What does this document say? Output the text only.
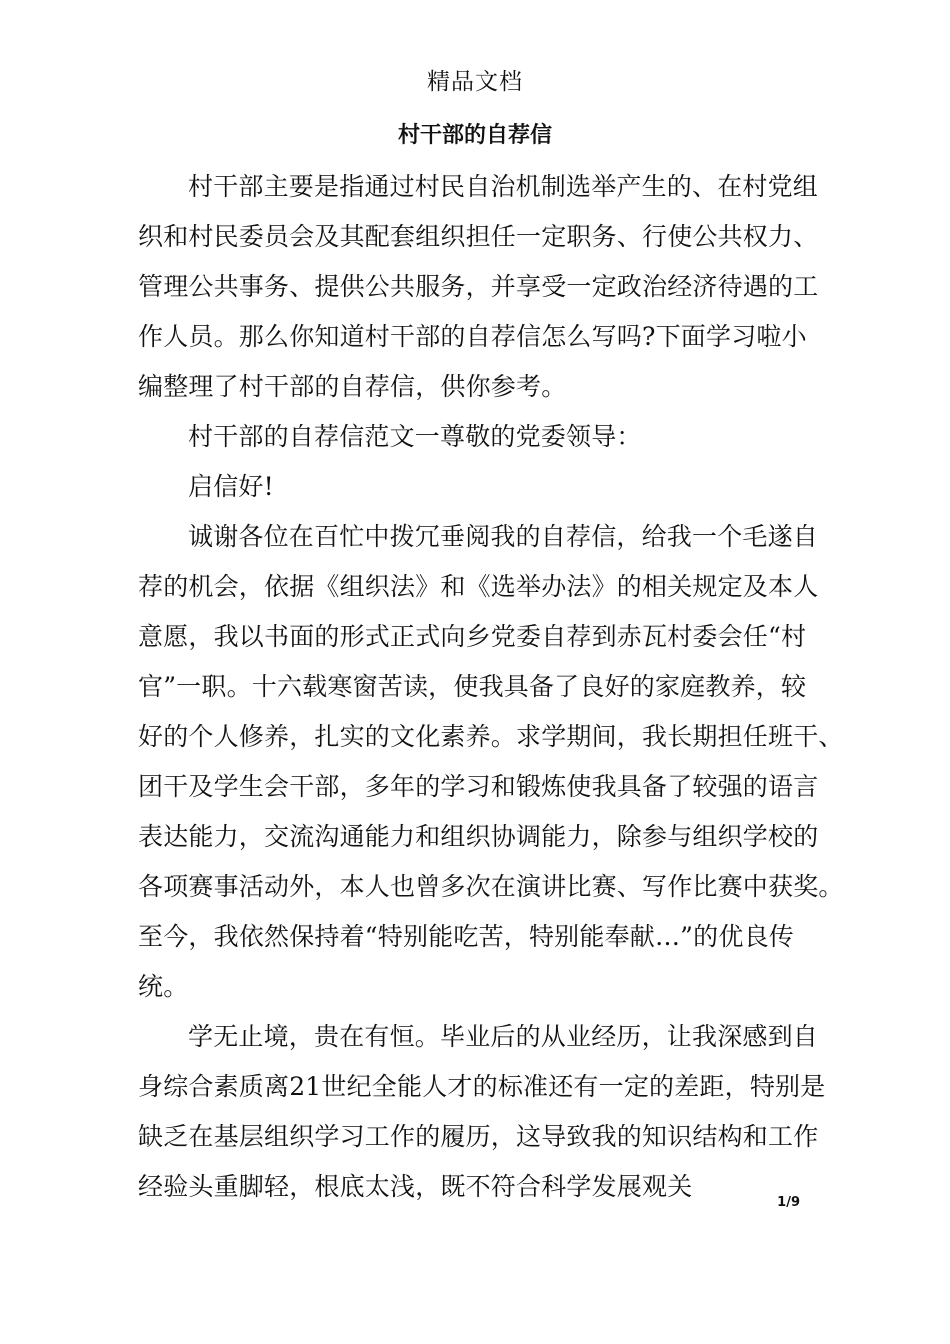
精品文档
村干部的自荐信
村干部主要是指通过村民自治机制选举产生的、在村党组
织和村民委员会及其配套组织担任一定职务、行使公共权力、
管理公共事务、提供公共服务，并享受一定政治经济待遇的工
作人员。那么你知道村干部的自荐信怎么写吗?下面学习啦小
编整理了村干部的自荐信，供你参考。
村干部的自荐信范文一尊敬的党委领导：
启信好!
诚谢各位在百忙中拨冗垂阅我的自荐信，给我一个毛遂自
荐的机会，依据《组织法》和《选举办法》的相关规定及本人
意愿，我以书面的形式正式向乡党委自荐到赤瓦村委会任“村
官”一职。十六载寒窗苦读，使我具备了良好的家庭教养，较
好的个人修养，扎实的文化素养。求学期间，我长期担任班干、
团干及学生会干部，多年的学习和锻炼使我具备了较强的语言
表达能力，交流沟通能力和组织协调能力，除参与组织学校的
各项赛事活动外，本人也曾多次在演讲比赛、写作比赛中获奖。
至今，我依然保持着“特别能吃苦，特别能奉献…”的优良传
统。
学无止境，贵在有恒。毕业后的从业经历，让我深感到自
身综合素质离21世纪全能人才的标准还有一定的差距，特别是
缺乏在基层组织学习工作的履历，这导致我的知识结构和工作
经验头重脚轻，根底太浅，既不符合科学发展观关
1/9
